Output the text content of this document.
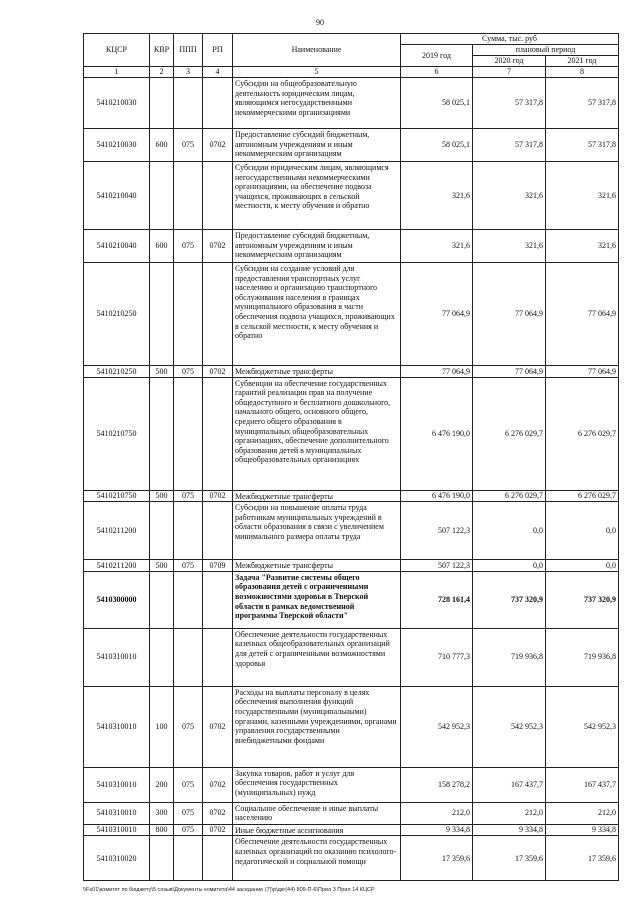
90
КЦСР	КВР	ППП	РП	Наименование	Сумма, тыс. руб		
					2019 год	плановый период	
						2020 год	2021 год
1	2	3	4	5	6	7	8
5410210030				Субсидии на общеобразовательную деятельность юридическим лицам, являющимся негосударственными некоммерческими организациями	58 025,1	57 317,8	57 317,8
5410210030	600	075	0702	Предоставление субсидий бюджетным, автономным учреждениям и иным некоммерческим организациям	58 025,1	57 317,8	57 317,8
5410210040				Субсидии юридическим лицам, являющимся негосударственными некоммерческими организациями, на обеспечение подвоза учащихся, проживающих в сельской местности, к месту обучения и обратно	321,6	321,6	321,6
5410210040	600	075	0702	Предоставление субсидий бюджетным, автономным учреждениям и иным некоммерческим организациям	321,6	321,6	321,6
5410210250				Субсидии на создание условий для предоставления транспортных услуг населению и организацию транспортного обслуживания населения в границах муниципального образования в части обеспечения подвоза учащихся, проживающих в сельской местности, к месту обучения и обратно	77 064,9	77 064,9	77 064,9
5410210250	500	075	0702	Межбюджетные трансферты	77 064,9	77 064,9	77 064,9
5410210750				Субвенции на обеспечение государственных гарантий реализации прав на получение общедоступного и бесплатного дошкольного, начального общего, основного общего, среднего общего образования в муниципальных общеобразовательных организациях, обеспечение дополнительного образования детей в муниципальных общеобразовательных организациях	6 476 190,0	6 276 029,7	6 276 029,7
5410210750	500	075	0702	Межбюджетные трансферты	6 476 190,0	6 276 029,7	6 276 029,7
5410211200				Субсидии на повышение оплаты труда работникам муниципальных учреждений в области образования в связи с увеличением минимального размера оплаты труда	507 122,3	0,0	0,0
5410211200	500	075	0709	Межбюджетные трансферты	507 122,3	0,0	0,0
5410300000				Задача "Развитие системы общего образования детей с ограниченными возможностями здоровья в Тверской области в рамках ведомственной программы Тверской области"	728 161,4	737 320,9	737 320,9
5410310010				Обеспечение деятельности государственных казенных общеобразовательных организаций для детей с ограниченными возможностями здоровья	710 777,3	719 936,8	719 936,8
5410310010	100	075	0702	Расходы на выплаты персоналу в целях обеспечения выполнения функций государственными (муниципальными) органами, казенными учреждениями, органами управления государственными внебюджетными фондами	542 952,3	542 952,3	542 952,3
5410310010	200	075	0702	Закупка товаров, работ и услуг для обеспечения государственных (муниципальных) нужд	158 278,2	167 437,7	167 437,7
5410310010	300	075	0702	Социальное обеспечение и иные выплаты населению	212,0	212,0	212,0
5410310010	800	075	0702	Иные бюджетные ассигнования	9 334,8	9 334,8	9 334,8
5410310020				Обеспечение деятельности государственных казенных организаций по оказанию психолого-педагогической и социальной помощи	17 359,6	17 359,6	17 359,6
\\Fs01\комитет по бюджету\5 созыв\Документы комитета\44 заседание (7)\р\дкг(44) 809-П-6\Прил 3 Прил 14 КЦСР
